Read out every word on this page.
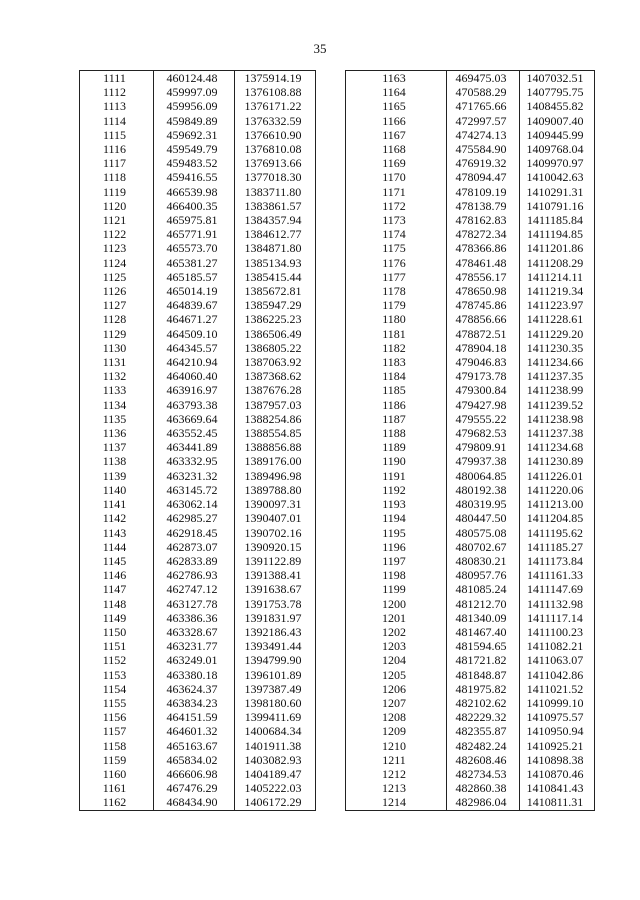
35
1111	460124.48	1375914.19
1112	459997.09	1376108.88
1113	459956.09	1376171.22
1114	459849.89	1376332.59
1115	459692.31	1376610.90
1116	459549.79	1376810.08
1117	459483.52	1376913.66
1118	459416.55	1377018.30
1119	466539.98	1383711.80
1120	466400.35	1383861.57
1121	465975.81	1384357.94
1122	465771.91	1384612.77
1123	465573.70	1384871.80
1124	465381.27	1385134.93
1125	465185.57	1385415.44
1126	465014.19	1385672.81
1127	464839.67	1385947.29
1128	464671.27	1386225.23
1129	464509.10	1386506.49
1130	464345.57	1386805.22
1131	464210.94	1387063.92
1132	464060.40	1387368.62
1133	463916.97	1387676.28
1134	463793.38	1387957.03
1135	463669.64	1388254.86
1136	463552.45	1388554.85
1137	463441.89	1388856.88
1138	463332.95	1389176.00
1139	463231.32	1389496.98
1140	463145.72	1389788.80
1141	463062.14	1390097.31
1142	462985.27	1390407.01
1143	462918.45	1390702.16
1144	462873.07	1390920.15
1145	462833.89	1391122.89
1146	462786.93	1391388.41
1147	462747.12	1391638.67
1148	463127.78	1391753.78
1149	463386.36	1391831.97
1150	463328.67	1392186.43
1151	463231.77	1393491.44
1152	463249.01	1394799.90
1153	463380.18	1396101.89
1154	463624.37	1397387.49
1155	463834.23	1398180.60
1156	464151.59	1399411.69
1157	464601.32	1400684.34
1158	465163.67	1401911.38
1159	465834.02	1403082.93
1160	466606.98	1404189.47
1161	467476.29	1405222.03
1162	468434.90	1406172.29
1163	469475.03	1407032.51
1164	470588.29	1407795.75
1165	471765.66	1408455.82
1166	472997.57	1409007.40
1167	474274.13	1409445.99
1168	475584.90	1409768.04
1169	476919.32	1409970.97
1170	478094.47	1410042.63
1171	478109.19	1410291.31
1172	478138.79	1410791.16
1173	478162.83	1411185.84
1174	478272.34	1411194.85
1175	478366.86	1411201.86
1176	478461.48	1411208.29
1177	478556.17	1411214.11
1178	478650.98	1411219.34
1179	478745.86	1411223.97
1180	478856.66	1411228.61
1181	478872.51	1411229.20
1182	478904.18	1411230.35
1183	479046.83	1411234.66
1184	479173.78	1411237.35
1185	479300.84	1411238.99
1186	479427.98	1411239.52
1187	479555.22	1411238.98
1188	479682.53	1411237.38
1189	479809.91	1411234.68
1190	479937.38	1411230.89
1191	480064.85	1411226.01
1192	480192.38	1411220.06
1193	480319.95	1411213.00
1194	480447.50	1411204.85
1195	480575.08	1411195.62
1196	480702.67	1411185.27
1197	480830.21	1411173.84
1198	480957.76	1411161.33
1199	481085.24	1411147.69
1200	481212.70	1411132.98
1201	481340.09	1411117.14
1202	481467.40	1411100.23
1203	481594.65	1411082.21
1204	481721.82	1411063.07
1205	481848.87	1411042.86
1206	481975.82	1411021.52
1207	482102.62	1410999.10
1208	482229.32	1410975.57
1209	482355.87	1410950.94
1210	482482.24	1410925.21
1211	482608.46	1410898.38
1212	482734.53	1410870.46
1213	482860.38	1410841.43
1214	482986.04	1410811.31
